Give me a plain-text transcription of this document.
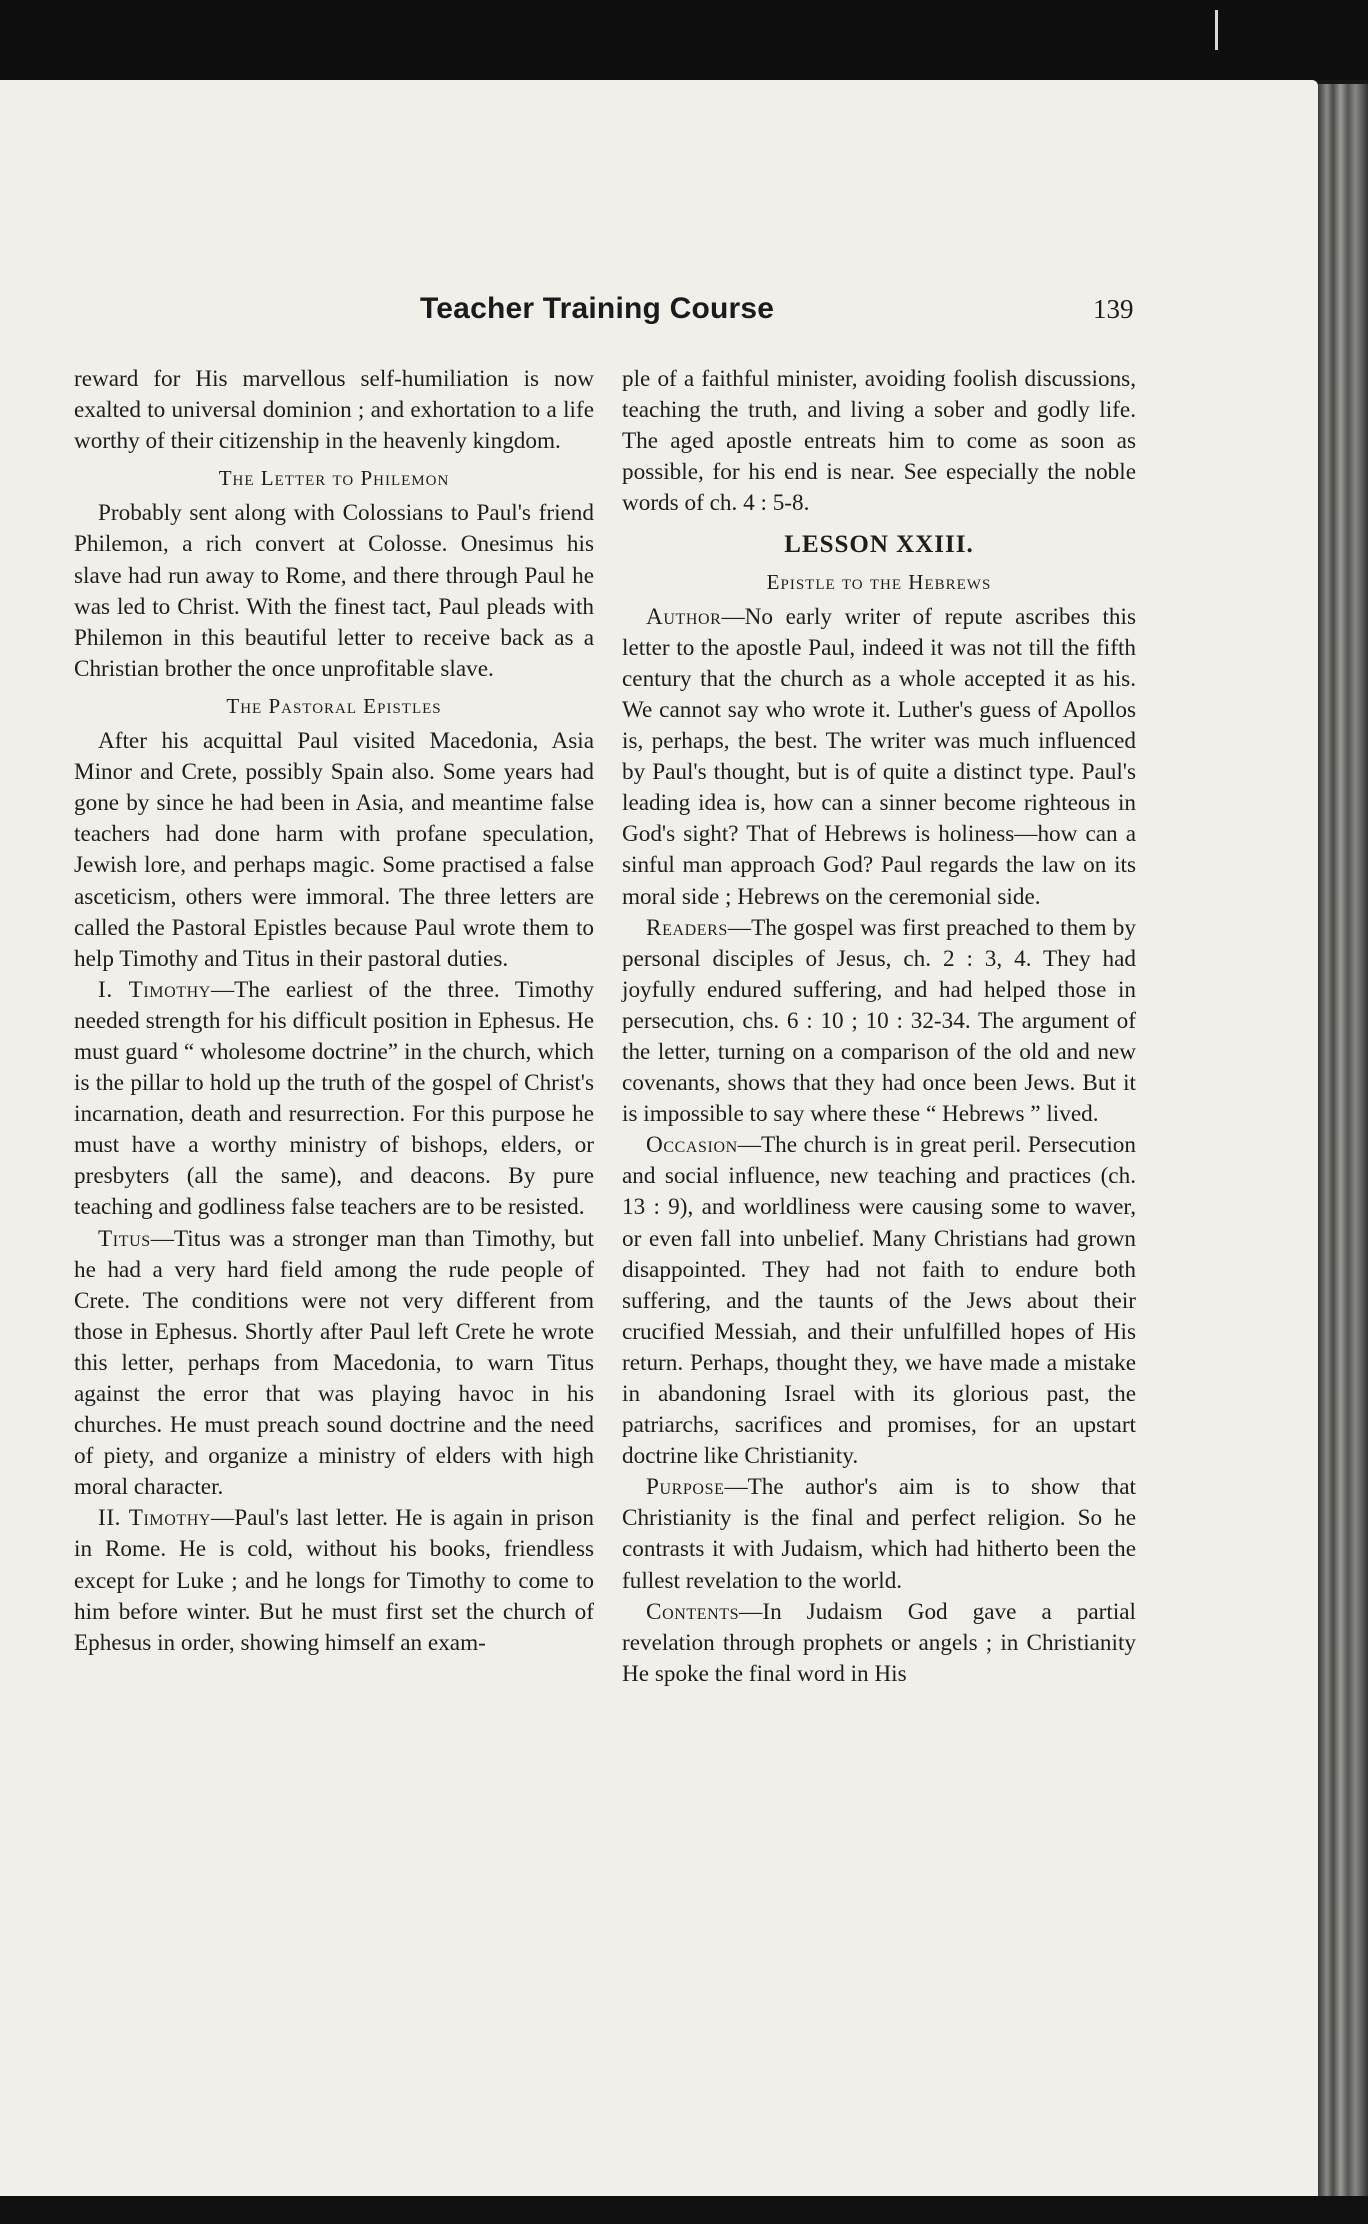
Teacher Training Course	139

reward for His marvellous self-humiliation is now exalted to universal dominion ; and exhortation to a life worthy of their citizenship in the heavenly kingdom.

The Letter to Philemon

Probably sent along with Colossians to Paul's friend Philemon, a rich convert at Colosse. Onesimus his slave had run away to Rome, and there through Paul he was led to Christ. With the finest tact, Paul pleads with Philemon in this beautiful letter to receive back as a Christian brother the once unprofitable slave.

The Pastoral Epistles

After his acquittal Paul visited Macedonia, Asia Minor and Crete, possibly Spain also. Some years had gone by since he had been in Asia, and meantime false teachers had done harm with profane speculation, Jewish lore, and perhaps magic. Some practised a false asceticism, others were immoral. The three letters are called the Pastoral Epistles because Paul wrote them to help Timothy and Titus in their pastoral duties.

I. Timothy—The earliest of the three. Timothy needed strength for his difficult position in Ephesus. He must guard “ wholesome doctrine” in the church, which is the pillar to hold up the truth of the gospel of Christ's incarnation, death and resurrection. For this purpose he must have a worthy ministry of bishops, elders, or presbyters (all the same), and deacons. By pure teaching and godliness false teachers are to be resisted.

Titus—Titus was a stronger man than Timothy, but he had a very hard field among the rude people of Crete. The conditions were not very different from those in Ephesus. Shortly after Paul left Crete he wrote this letter, perhaps from Macedonia, to warn Titus against the error that was playing havoc in his churches. He must preach sound doctrine and the need of piety, and organize a ministry of elders with high moral character.

II. Timothy—Paul's last letter. He is again in prison in Rome. He is cold, without his books, friendless except for Luke ; and he longs for Timothy to come to him before winter. But he must first set the church of Ephesus in order, showing himself an exam-

ple of a faithful minister, avoiding foolish discussions, teaching the truth, and living a sober and godly life. The aged apostle entreats him to come as soon as possible, for his end is near. See especially the noble words of ch. 4 : 5-8.

LESSON XXIII.
Epistle to the Hebrews

Author—No early writer of repute ascribes this letter to the apostle Paul, indeed it was not till the fifth century that the church as a whole accepted it as his. We cannot say who wrote it. Luther's guess of Apollos is, perhaps, the best. The writer was much influenced by Paul's thought, but is of quite a distinct type. Paul's leading idea is, how can a sinner become righteous in God's sight? That of Hebrews is holiness—how can a sinful man approach God? Paul regards the law on its moral side ; Hebrews on the ceremonial side.

Readers—The gospel was first preached to them by personal disciples of Jesus, ch. 2 : 3, 4. They had joyfully endured suffering, and had helped those in persecution, chs. 6 : 10 ; 10 : 32-34. The argument of the letter, turning on a comparison of the old and new covenants, shows that they had once been Jews. But it is impossible to say where these “ Hebrews ” lived.

Occasion—The church is in great peril. Persecution and social influence, new teaching and practices (ch. 13 : 9), and worldliness were causing some to waver, or even fall into unbelief. Many Christians had grown disappointed. They had not faith to endure both suffering, and the taunts of the Jews about their crucified Messiah, and their unfulfilled hopes of His return. Perhaps, thought they, we have made a mistake in abandoning Israel with its glorious past, the patriarchs, sacrifices and promises, for an upstart doctrine like Christianity.

Purpose—The author's aim is to show that Christianity is the final and perfect religion. So he contrasts it with Judaism, which had hitherto been the fullest revelation to the world.

Contents—In Judaism God gave a partial revelation through prophets or angels ; in Christianity He spoke the final word in His
